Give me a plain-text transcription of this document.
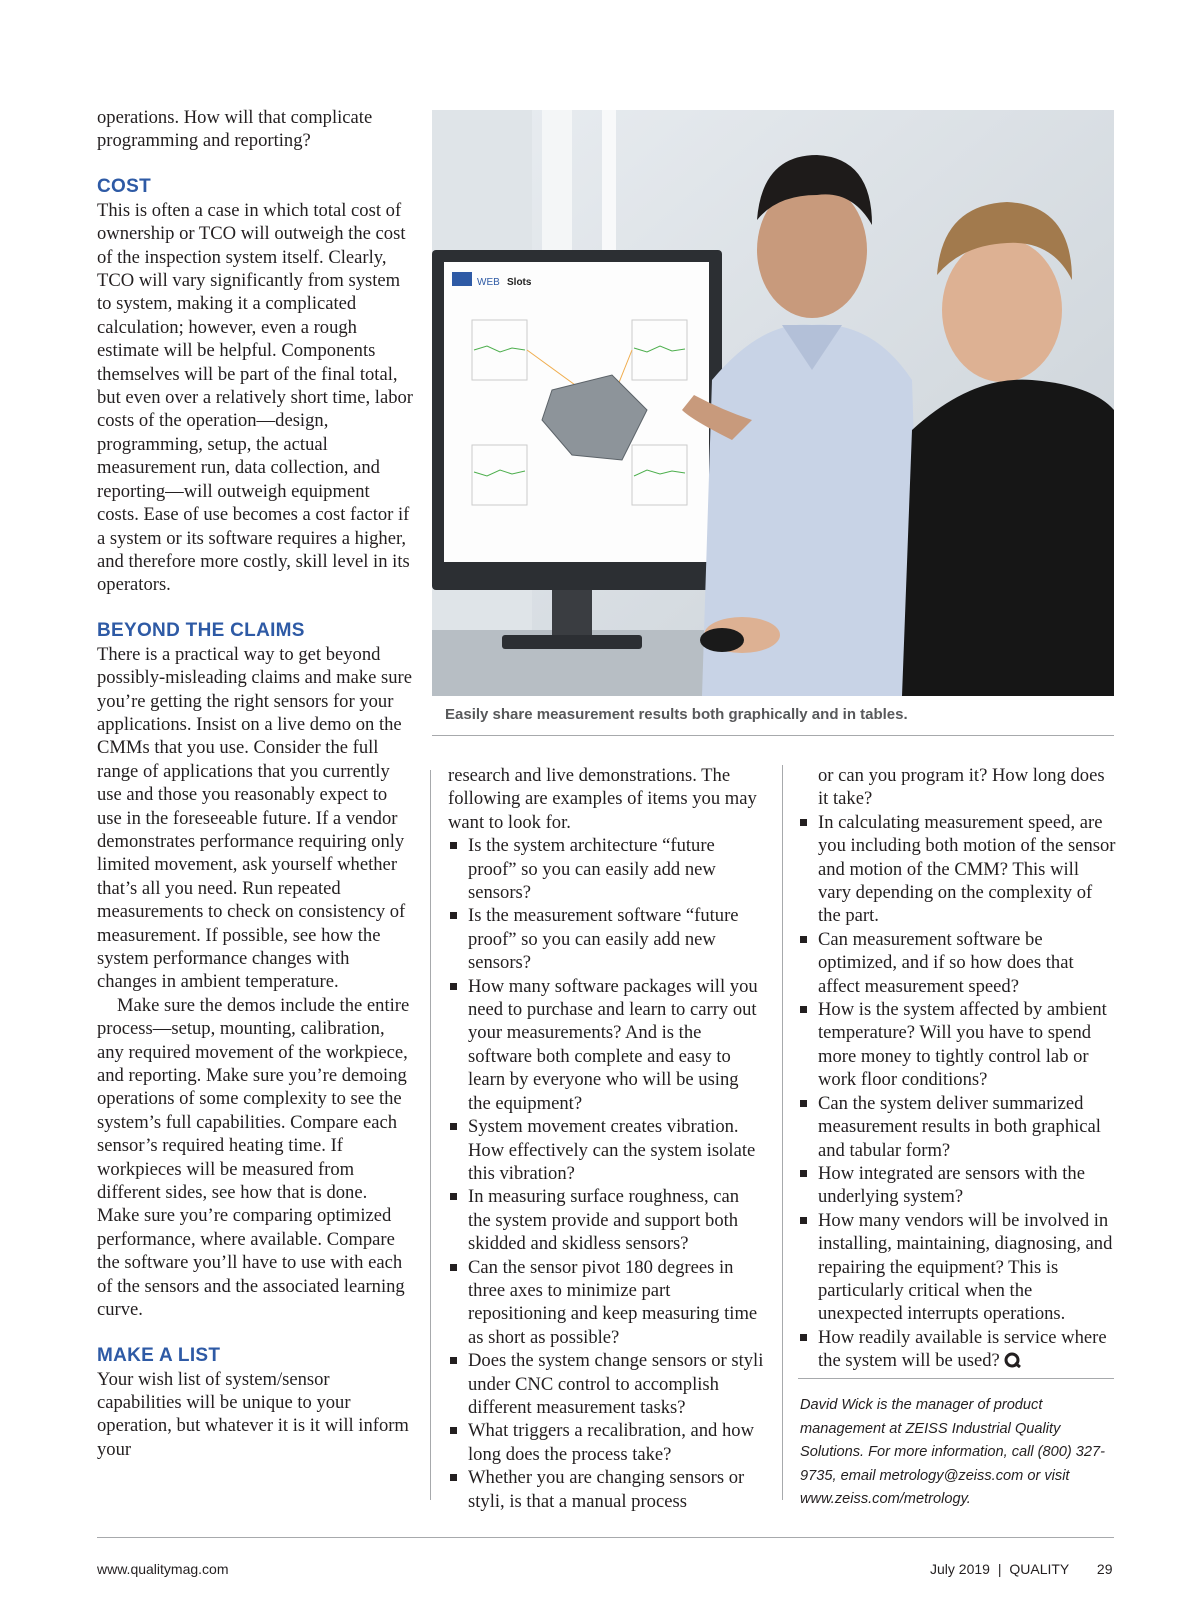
operations. How will that complicate programming and reporting?

COST

This is often a case in which total cost of ownership or TCO will outweigh the cost of the inspection system itself. Clearly, TCO will vary significantly from system to system, making it a complicated calculation; however, even a rough estimate will be helpful. Components themselves will be part of the final total, but even over a relatively short time, labor costs of the operation—design, programming, setup, the actual measurement run, data collection, and reporting—will outweigh equipment costs. Ease of use becomes a cost factor if a system or its software requires a higher, and therefore more costly, skill level in its operators.

BEYOND THE CLAIMS

There is a practical way to get beyond possibly-misleading claims and make sure you’re getting the right sensors for your applications. Insist on a live demo on the CMMs that you use. Consider the full range of applications that you currently use and those you reasonably expect to use in the foreseeable future. If a vendor demonstrates performance requiring only limited movement, ask yourself whether that’s all you need. Run repeated measurements to check on consistency of measurement. If possible, see how the system performance changes with changes in ambient temperature.

Make sure the demos include the entire process—setup, mounting, calibration, any required movement of the workpiece, and reporting. Make sure you’re demoing operations of some complexity to see the system’s full capabilities. Compare each sensor’s required heating time. If workpieces will be measured from different sides, see how that is done. Make sure you’re comparing optimized performance, where available. Compare the software you’ll have to use with each of the sensors and the associated learning curve.

MAKE A LIST

Your wish list of system/sensor capabilities will be unique to your operation, but whatever it is it will inform your

WEB Slots
Easily share measurement results both graphically and in tables.

research and live demonstrations. The following are examples of items you may want to look for.

Is the system architecture “future proof” so you can easily add new sensors?
Is the measurement software “future proof” so you can easily add new sensors?
How many software packages will you need to purchase and learn to carry out your measurements? And is the software both complete and easy to learn by everyone who will be using the equipment?
System movement creates vibration. How effectively can the system isolate this vibration?
In measuring surface roughness, can the system provide and support both skidded and skidless sensors?
Can the sensor pivot 180 degrees in three axes to minimize part repositioning and keep measuring time as short as possible?
Does the system change sensors or styli under CNC control to accomplish different measurement tasks?
What triggers a recalibration, and how long does the process take?
Whether you are changing sensors or styli, is that a manual process

or can you program it? How long does it take?

In calculating measurement speed, are you including both motion of the sensor and motion of the CMM? This will vary depending on the complexity of the part.
Can measurement software be optimized, and if so how does that affect measurement speed?
How is the system affected by ambient temperature? Will you have to spend more money to tightly control lab or work floor conditions?
Can the system deliver summarized measurement results in both graphical and tabular form?
How integrated are sensors with the underlying system?
How many vendors will be involved in installing, maintaining, diagnosing, and repairing the equipment? This is particularly critical when the unexpected interrupts operations.
How readily available is service where the system will be used?
David Wick is the manager of product management at ZEISS Industrial Quality Solutions. For more information, call (800) 327-9735, email metrology@zeiss.com or visit www.zeiss.com/metrology.
www.qualitymag.com	July 2019 | QUALITY 29
